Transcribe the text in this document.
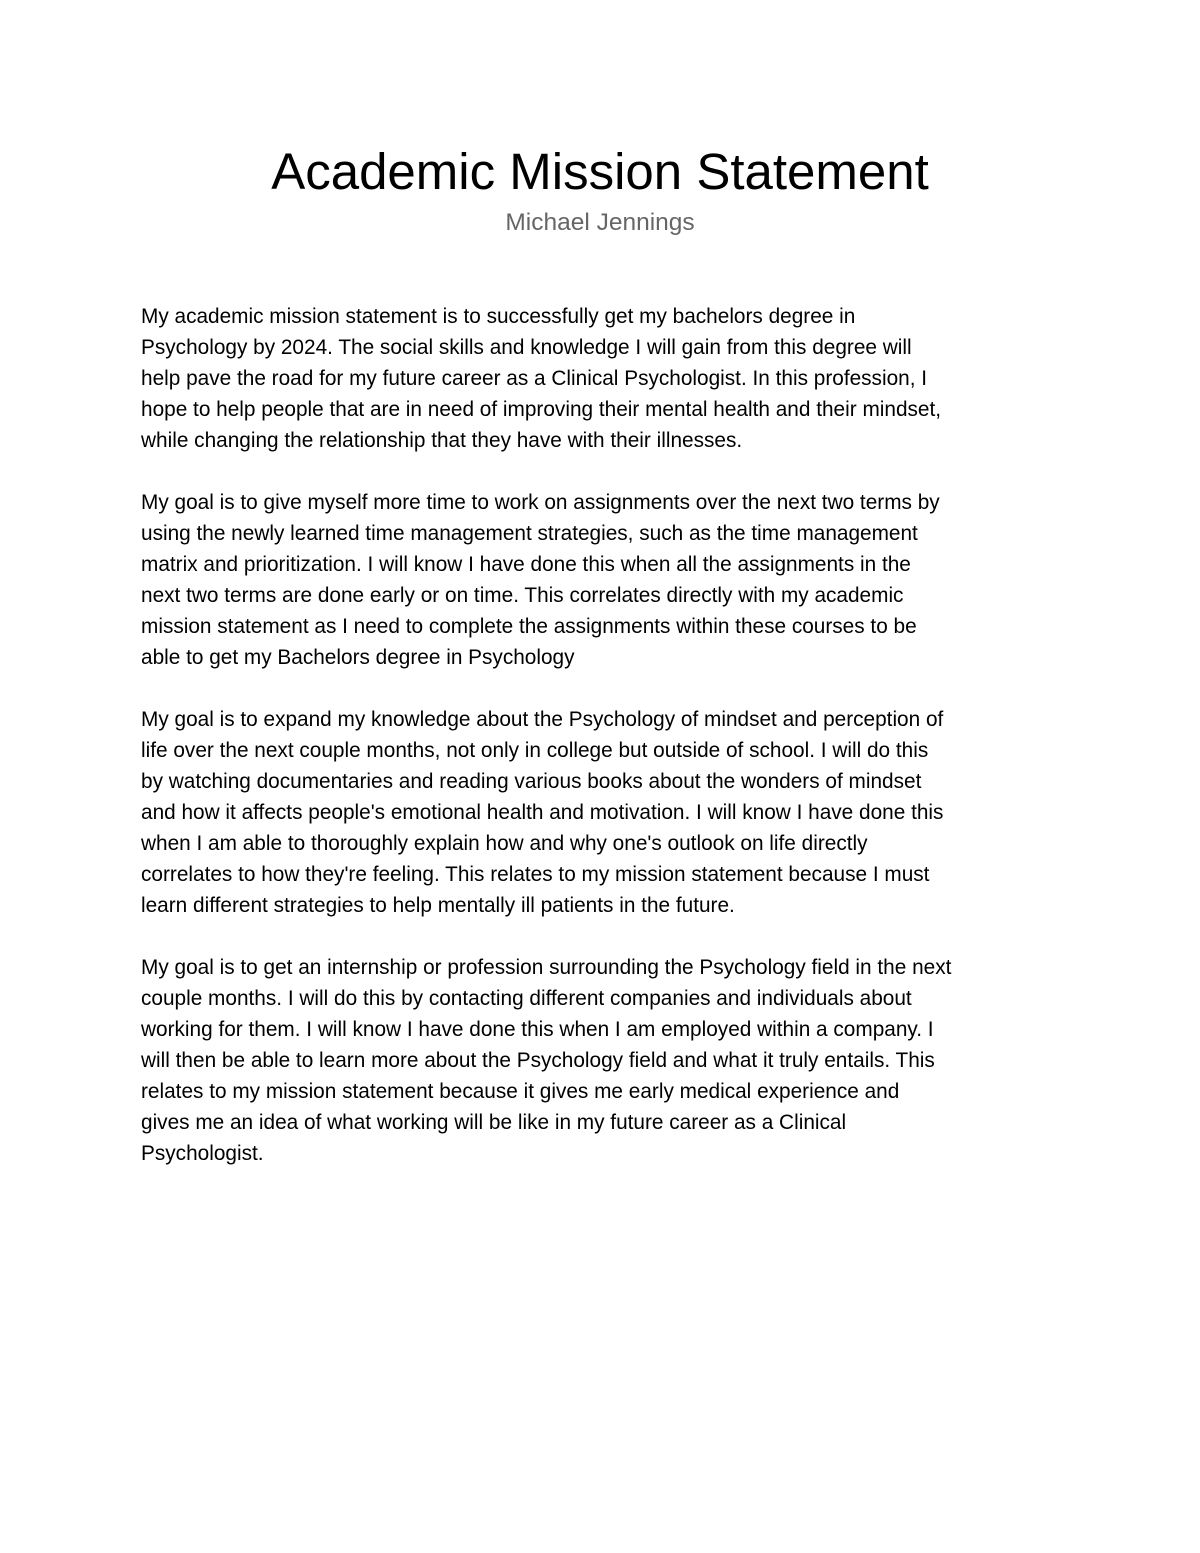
Academic Mission Statement
Michael Jennings

My academic mission statement is to successfully get my bachelors degree in
Psychology by 2024. The social skills and knowledge I will gain from this degree will
help pave the road for my future career as a Clinical Psychologist. In this profession, I
hope to help people that are in need of improving their mental health and their mindset,
while changing the relationship that they have with their illnesses.

My goal is to give myself more time to work on assignments over the next two terms by
using the newly learned time management strategies, such as the time management
matrix and prioritization. I will know I have done this when all the assignments in the
next two terms are done early or on time. This correlates directly with my academic
mission statement as I need to complete the assignments within these courses to be
able to get my Bachelors degree in Psychology

My goal is to expand my knowledge about the Psychology of mindset and perception of
life over the next couple months, not only in college but outside of school. I will do this
by watching documentaries and reading various books about the wonders of mindset
and how it affects people's emotional health and motivation. I will know I have done this
when I am able to thoroughly explain how and why one's outlook on life directly
correlates to how they're feeling. This relates to my mission statement because I must
learn different strategies to help mentally ill patients in the future.

My goal is to get an internship or profession surrounding the Psychology field in the next
couple months. I will do this by contacting different companies and individuals about
working for them. I will know I have done this when I am employed within a company. I
will then be able to learn more about the Psychology field and what it truly entails. This
relates to my mission statement because it gives me early medical experience and
gives me an idea of what working will be like in my future career as a Clinical
Psychologist.
